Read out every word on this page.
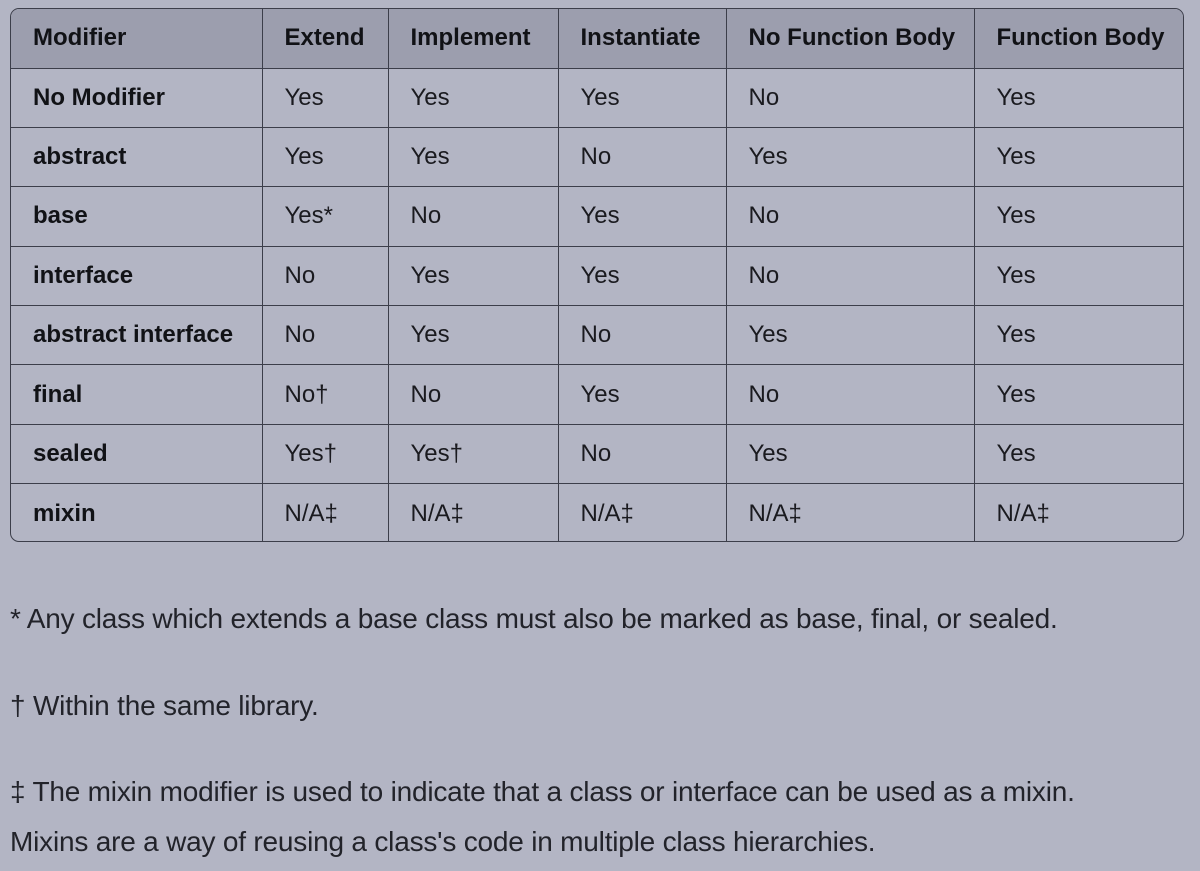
Modifier	Extend	Implement	Instantiate	No Function Body	Function Body
No Modifier	Yes	Yes	Yes	No	Yes
abstract	Yes	Yes	No	Yes	Yes
base	Yes*	No	Yes	No	Yes
interface	No	Yes	Yes	No	Yes
abstract interface	No	Yes	No	Yes	Yes
final	No†	No	Yes	No	Yes
sealed	Yes†	Yes†	No	Yes	Yes
mixin	N/A‡	N/A‡	N/A‡	N/A‡	N/A‡
* Any class which extends a base class must also be marked as base, final, or sealed.
† Within the same library.
‡ The mixin modifier is used to indicate that a class or interface can be used as a mixin.
Mixins are a way of reusing a class's code in multiple class hierarchies.
